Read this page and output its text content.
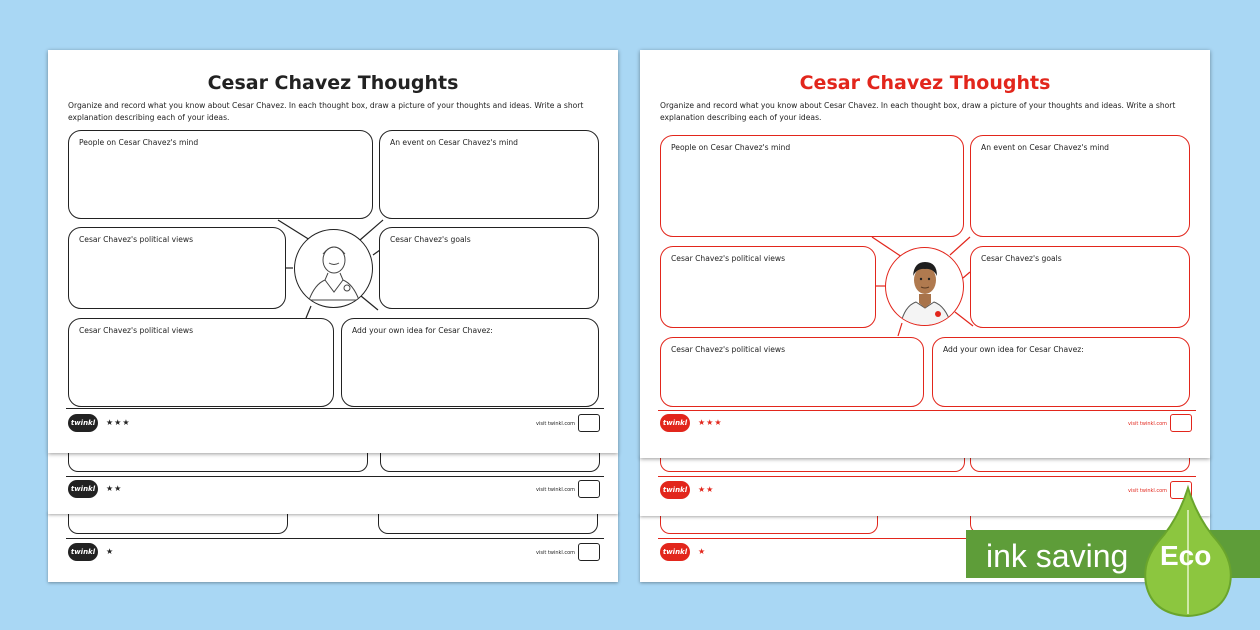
twinkl	★	visit twinkl.com
twinkl	★★	visit twinkl.com
Cesar Chavez Thoughts
Organize and record what you know about Cesar Chavez. In each thought box, draw a picture of your thoughts and ideas. Write a short explanation describing each of your ideas.
People on Cesar Chavez's mind	An event on Cesar Chavez's mind
Cesar Chavez's political views	Cesar Chavez's goals
Cesar Chavez's political views	Add your own idea for Cesar Chavez:
twinkl	★★★	visit twinkl.com
twinkl	★
twinkl	★★	visit twinkl.com
Cesar Chavez Thoughts
Organize and record what you know about Cesar Chavez. In each thought box, draw a picture of your thoughts and ideas. Write a short explanation describing each of your ideas.
People on Cesar Chavez's mind	An event on Cesar Chavez's mind
Cesar Chavez's political views	Cesar Chavez's goals
Cesar Chavez's political views	Add your own idea for Cesar Chavez:
twinkl	★★★	visit twinkl.com
ink saving Eco
